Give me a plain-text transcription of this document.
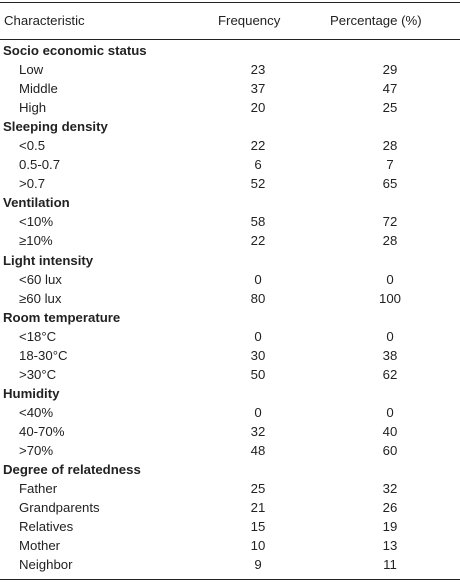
Characteristic	Frequency	Percentage (%)
Socio economic status
Low	23	29
Middle	37	47
High	20	25
Sleeping density
<0.5	22	28
0.5-0.7	6	7
>0.7	52	65
Ventilation
<10%	58	72
≥10%	22	28
Light intensity
<60 lux	0	0
≥60 lux	80	100
Room temperature
<18°C	0	0
18-30°C	30	38
>30°C	50	62
Humidity
<40%	0	0
40-70%	32	40
>70%	48	60
Degree of relatedness
Father	25	32
Grandparents	21	26
Relatives	15	19
Mother	10	13
Neighbor	9	11
